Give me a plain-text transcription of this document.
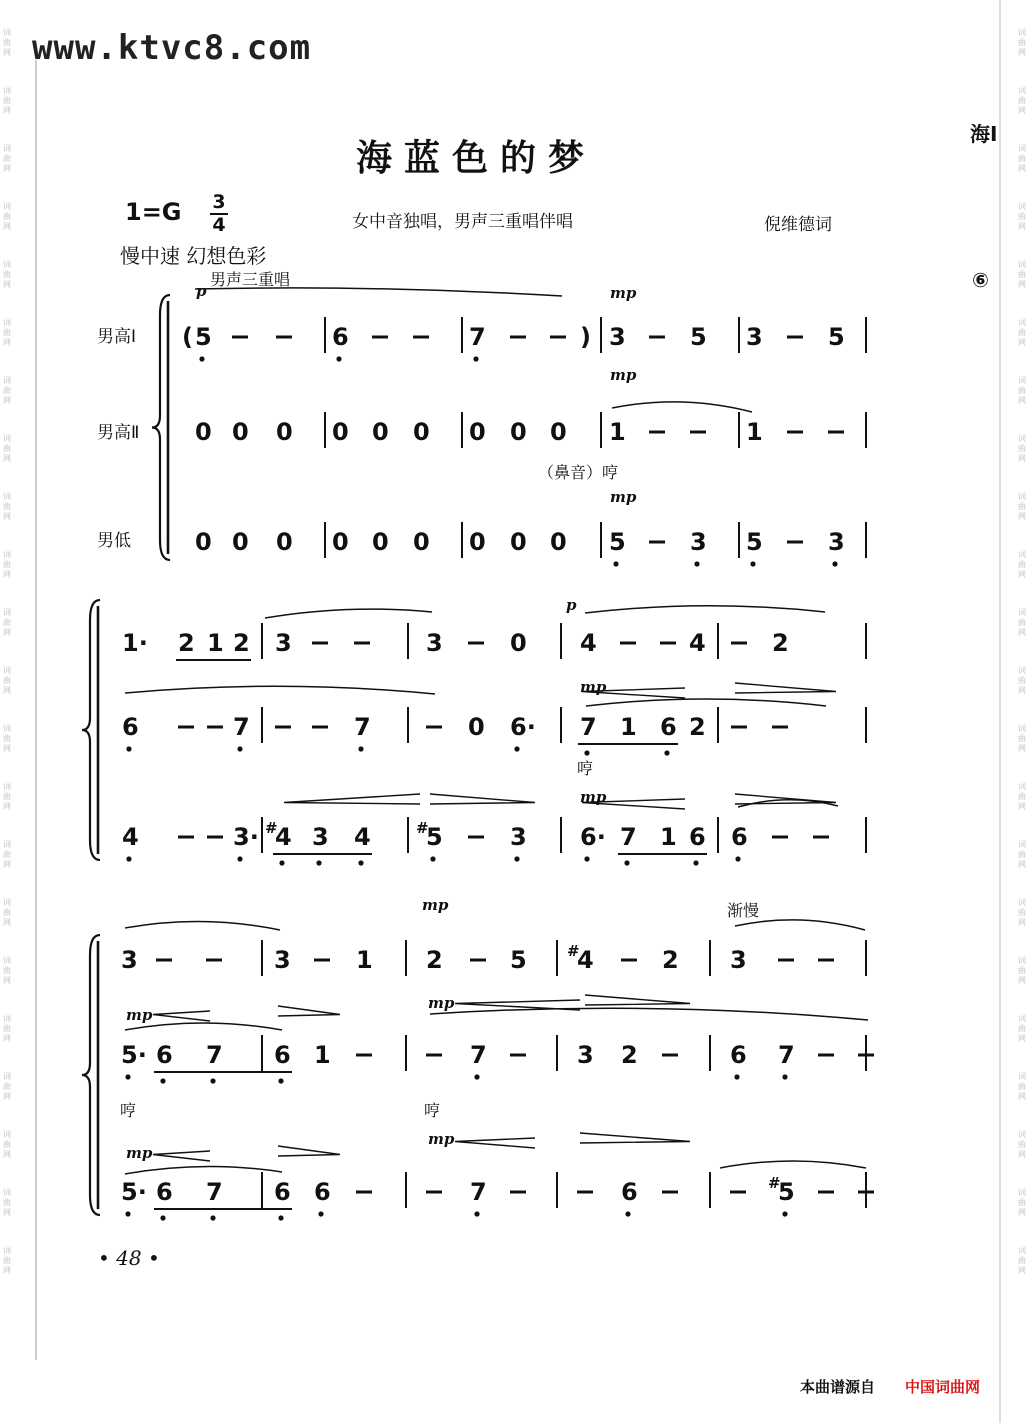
词
曲
网
词
曲
网
词
曲
网
词
曲
网
词
曲
网
词
曲
网
词
曲
网
词
曲
网
词
曲
网
词
曲
网
词
曲
网
词
曲
网
词
曲
网
词
曲
网
词
曲
网
词
曲
网
词
曲
网
词
曲
网
词
曲
网
词
曲
网
词
曲
网
词
曲
网
词
曲
网
词
曲
网
词
曲
网
词
曲
网
词
曲
网
词
曲
网
词
曲
网
词
曲
网
词
曲
网
词
曲
网
词
曲
网
词
曲
网
词
曲
网
词
曲
网
词
曲
网
词
曲
网
词
曲
网
词
曲
网
词
曲
网
词
曲
网
词
曲
网
词
曲
网
www.ktvc8.com
海蓝色的梦
1=G 3
4	女中音独唱，男声三重唱伴唱	倪维德词
慢中速 幻想色彩
男声三重唱
男高Ⅰ
男高Ⅱ
男低
p	mp
mp
mp
p
mp
mp
mp
mp
mp
mp
mp
（鼻音）哼
哼
哼	哼
渐慢
海I
⑥
• 48 •
本曲谱源自 中国词曲网
5	6	7	3	5 3	5
0 0 0 0 0 0 0 0 0 1	1
0 0 0 0 0 0 0 0 0 5	3 5	3
(	)
1· 2 1 2 3	3	0 4	4	2
6	7	7	0 6· 7 1 6 2
4	3· #
4 3 4	#
5	3 6· 7 1 6 6
3	3	1 2	5	#
4	2 3
5· 6 7 6 1	7	3 2	6 7
5· 6 7 6 6	7	6	#
5
